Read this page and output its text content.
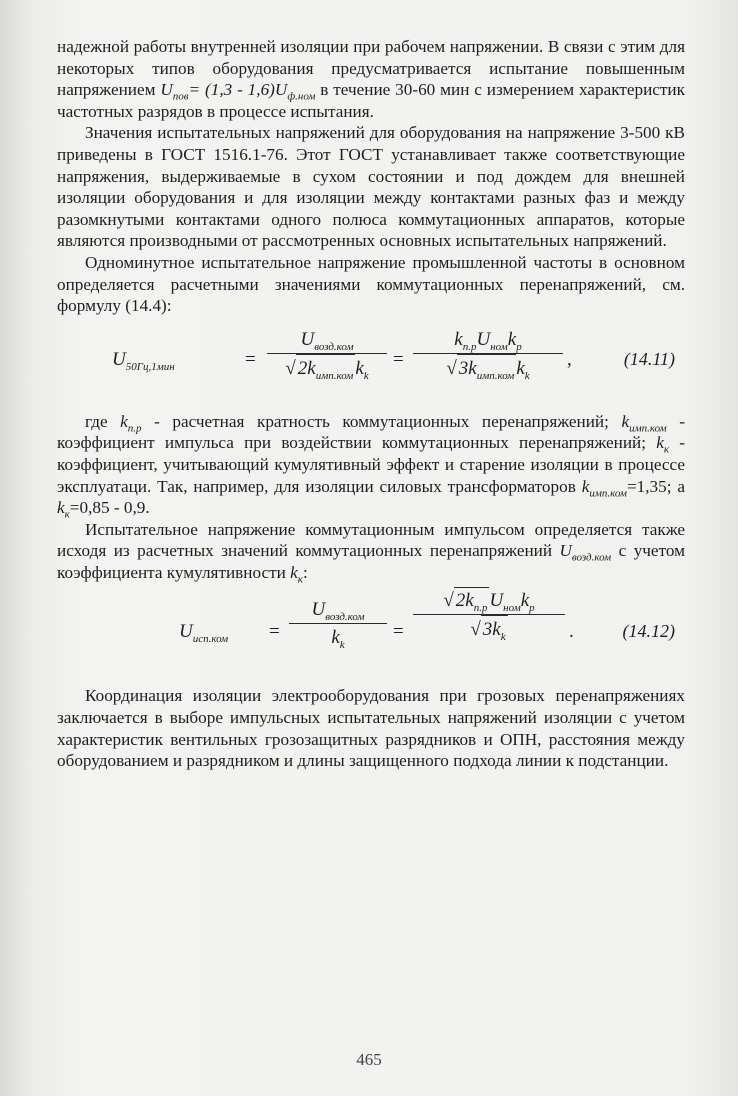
надежной работы внутренней изоляции при рабочем напряжении. В связи с этим для некоторых типов оборудования предусматривается испытание повышенным напряжением $U_{пов}= (1,3 - 1,6)U_{ф.ном}$ в течение 30-60 мин с измерением характеристик частотных разрядов в процессе испытания.

Значения испытательных напряжений для оборудования на напряжение 3-500 кВ приведены в ГОСТ 1516.1-76. Этот ГОСТ устанавливает также соответствующие напряжения, выдерживаемые в сухом состоянии и под дождем для внешней изоляции оборудования и для изоляции между контактами разных фаз и между разомкнутыми контактами одного полюса коммутационных аппаратов, которые являются производными от рассмотренных основных испытательных напряжений.

Одноминутное испытательное напряжение промышленной частоты в основном определяется расчетными значениями коммутационных перенапряжений, см. формулу (14.4):

$U_{50Гц,1мин}$	=
$U_{возд.ком}$
√ $2k_{имп.ком}$ $k_k$
=
$k_{п.р}U_{ном}k_р$
√ $3k_{имп.ком}$ $k_k$
,	(14.11)

где $k_{п.р}$ - расчетная кратность коммутационных перенапряжений; $k_{имп.ком}$ - коэффициент импульса при воздействии коммутационных перенапряжений; $k_к$ - коэффициент, учитывающий кумулятивный эффект и старение изоляции в процессе эксплуатаци. Так, например, для изоляции силовых трансформаторов $k_{имп.ком}=1,35$; а $k_к=0,85 - 0,9$.

Испытательное напряжение коммутационным импульсом определяется также исходя из расчетных значений коммутационных перенапряжений $U_{возд.ком}$ с учетом коэффициента кумулятивности $k_к$:

$U_{исп.ком}$ =
$U_{возд.ком}$
$k_k$
=
√ $2k_{п.р}$ $U_{ном}k_р$
√ $3k_k$	.	(14.12)

Координация изоляции электрооборудования при грозовых перенапряжениях заключается в выборе импульсных испытательных напряжений изоляции с учетом характеристик вентильных грозозащитных разрядников и ОПН, расстояния между оборудованием и разрядником и длины защищенного подхода линии к подстанции.

465
